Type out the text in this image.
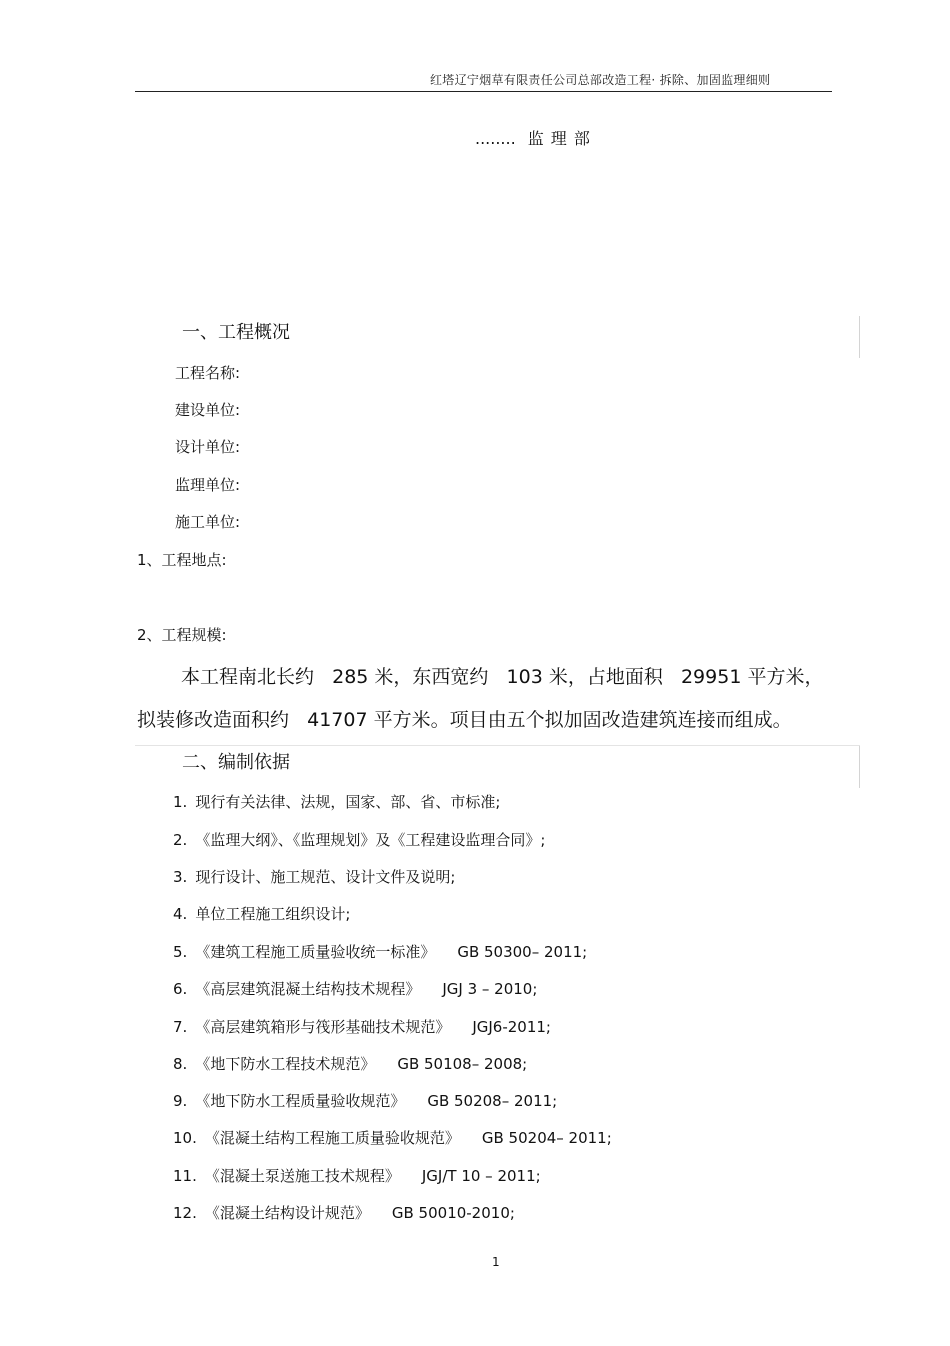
红塔辽宁烟草有限责任公司总部改造工程· 拆除、加固监理细则
........ 监 理 部
一、工程概况
工程名称:
建设单位:
设计单位:
监理单位:
施工单位:
1、工程地点:
2、工程规模:
本工程南北长约   285 米，东西宽约   103 米，占地面积   29951 平方米，
拟装修改造面积约   41707 平方米。项目由五个拟加固改造建筑连接而组成。
二、编制依据
1. 现行有关法律、法规，国家、部、省、市标准;
2. 《监理大纲》、《监理规划》及《工程建设监理合同》;
3. 现行设计、施工规范、设计文件及说明;
4. 单位工程施工组织设计;
5. 《建筑工程施工质量验收统一标准》 GB 50300– 2011;
6. 《高层建筑混凝土结构技术规程》 JGJ 3 – 2010;
7. 《高层建筑箱形与筏形基础技术规范》 JGJ6-2011;
8. 《地下防水工程技术规范》 GB 50108– 2008;
9. 《地下防水工程质量验收规范》 GB 50208– 2011;
10. 《混凝土结构工程施工质量验收规范》 GB 50204– 2011;
11. 《混凝土泵送施工技术规程》 JGJ/T 10 – 2011;
12. 《混凝土结构设计规范》 GB 50010-2010;
1
